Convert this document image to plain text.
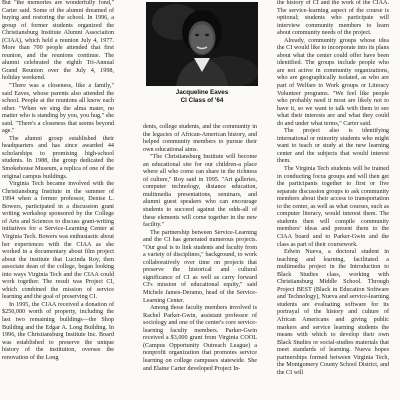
But "the memories are wonderfully fond," Carter said. Some of the alumni dreamed of buying and restoring the school. In 1996, a group of former students organized the Christiansburg Institute Alumni Association (CIAA), which held a reunion July 4, 1977. More than 700 people attended that first reunion, and the reunions continue. The alumni celebrated the eighth Tri-Annual Grand Reunion over the July 4, 1998, holiday weekend.

"There was a closeness, like a family," said Eaves, whose parents also attended the school. People at the reunions all know each other. "When we sing the alma mater, no matter who is standing by you, you hug," she said. "There's a closeness that seems beyond age."

The alumni group established their headquarters and has since awarded 44 scholarships to promising high-school students. In 1988, the group dedicated the Smokehouse Museum, a replica of one of the original campus buildings.

Virginia Tech became involved with the Christiansburg Institute in the summer of 1994 when a former professor, Denise L. Bowers, participated in a discussion grant writing workshop sponsored by the College of Arts and Sciences to discuss grant-writing initiatives for a Service-Learning Center at Virginia Tech. Bowers was enthusiastic about her experiences with the CIAA as she worked in a documentary about film project about the institute that Lucinda Roy, then associate dean of the college, began looking into ways Virginia Tech and the CIAA could work together. The result was Project CI, which combined the mission of service learning and the goal of preserving CI.

In 1995, the CIAA received a donation of $250,000 worth of property, including the last two remaining buildings—the Shop Building and the Edgar A. Long Building. In 1996, the Christiansburg Institute Inc. Board was established to preserve the unique history of the institution, oversee the renovation of the Long

Jacqueline Eaves
CI Class of '64

dents, college students, and the community in the legacies of African-American history, and helped community members to pursue their own educational aims.

"The Christiansburg Institute will become an educational site for our children-a place where all who come can share in the richness of culture," Roy said in 1995. "Art galleries, computer technology, distance education, multimedia presentations, seminars, and alumni guest speakers who can encourage students to succeed against the odds-all of these elements will come together in the new facility."

The partnership between Service-Learning and the CI has generated numerous projects. "Our goal is to link students and faculty from a variety of disciplines," background, to work collaboratively over time on projects that preserve the historical and cultural significance of CI as well as carry forward CI's mission of educational equity," said Michele James-Deramo, head of the Service-Learning Center.

Among those faculty members involved is Rachel Parker-Gwin, assistant professor of sociology and one of the center's core service-learning faculty members. Parker-Gwin received a $3,000 grant from Virginia COOL (Campus Opportunity Outreach League) a nonprofit organization that promotes service learning on college campuses statewide. She and Elaine Carter developed Project In-

the history of CI and the work of the CIAA. The service-learning aspect of the course is optional; students who participate will interview community members to learn about community needs of the project.

Already, community groups whose idea the CI would like to incorporate into its plans about what the center could offer have been identified. The groups include people who are not active in community organizations, who are geographically isolated, as who are part of Welfare to Work groups or Literacy Volunteer programs. "We feel like people who probably need it most are likely not to have it, so we want to talk with them to see what their interests are and what they could do and under what terms," Carter said.

The project also is identifying international or minority students who might want to teach or study at the new learning center and the subjects that would interest them.

The Virginia Tech students will be trained in conducting focus groups and will then get the participants together to first or five separate discussion groups to ask community members about their access to transportation to the center, as well as what courses, such as computer literacy, would interest them. The students then will compile community members' ideas and present them to the CIAA board and to Parker-Gwin and the class as part of their coursework.

Edwin Nueva, a doctoral student in teaching and learning, facilitated a multimedia project in the Introduction to Black Studies class, working with Christiansburg Middle School. Through Project BEST (Black in Education Software and Technology), Nueva and service-learning students are evaluating software for its portrayal of the history and culture of African Americans and giving public markers and service learning students the means with which to develop their own Black Studies or social-studies materials that meet standards of learning. Nueva hopes partnerships formed between Virginia Tech, the Montgomery County School District, and the CI will
